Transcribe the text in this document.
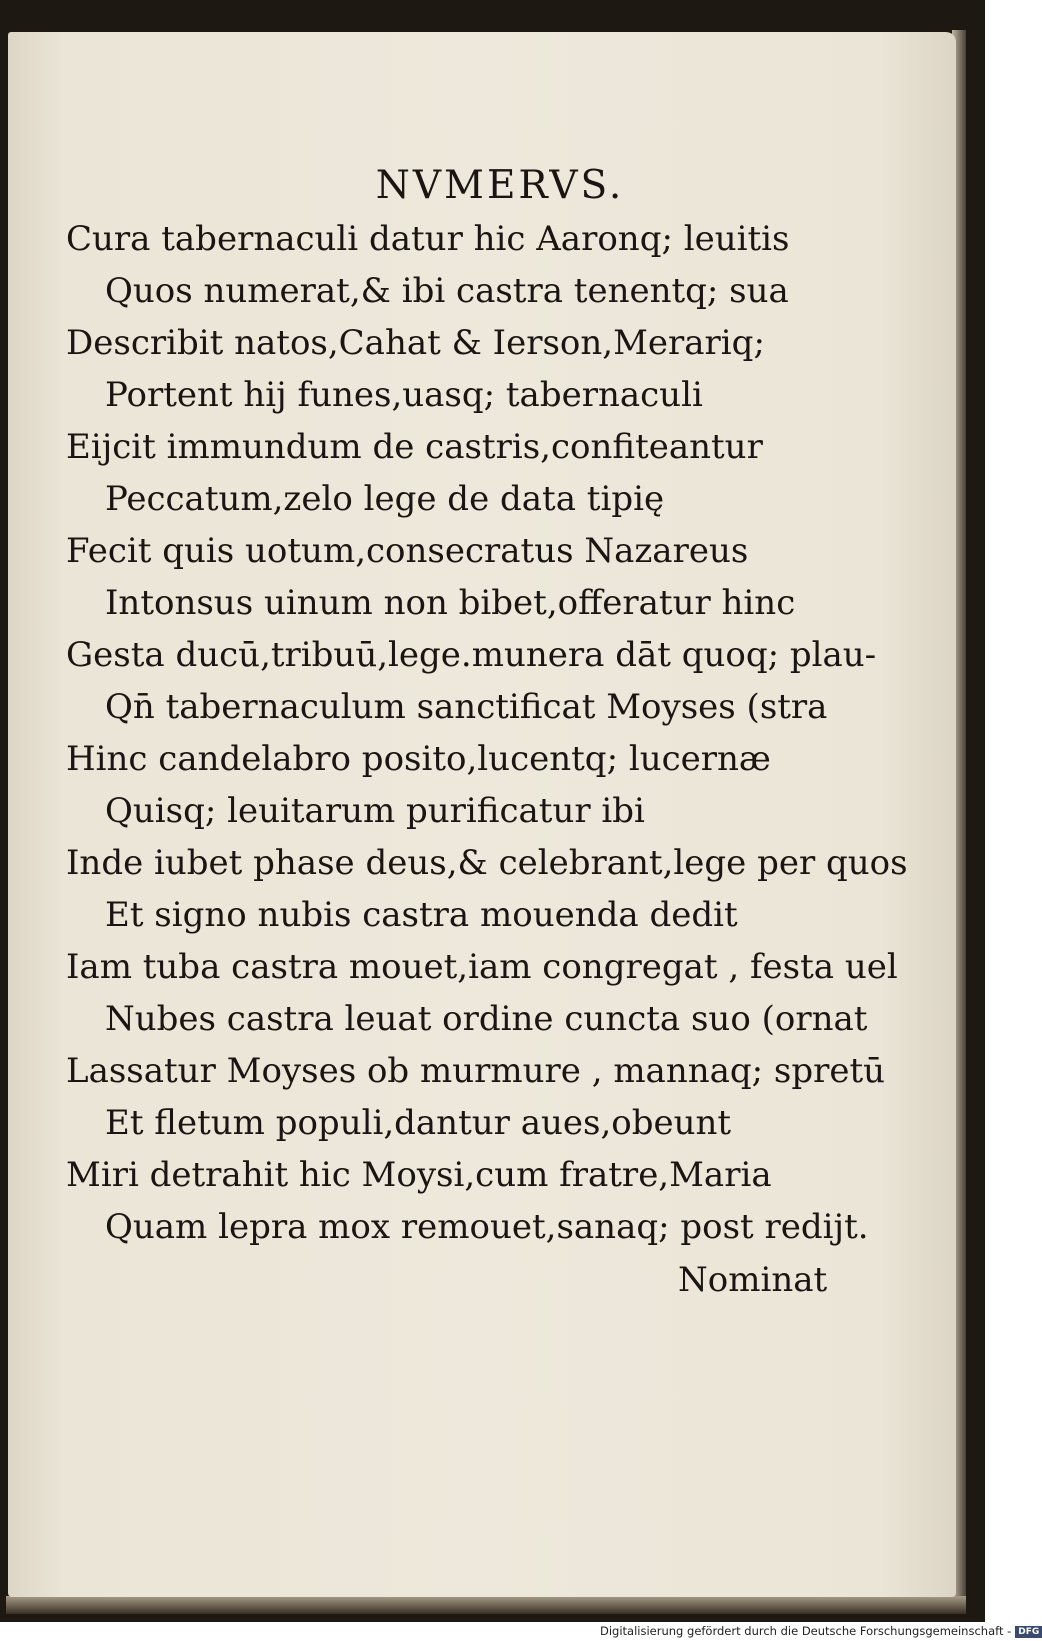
NVMERVS.
Cura tabernaculi datur hic Aaronq; leuitis
Quos numerat,& ibi castra tenentq; sua
Describit natos,Cahat & Ierson,Merariq;
Portent hij funes,uasq; tabernaculi
Eijcit immundum de castris,confiteantur
Peccatum,zelo lege de data tipię
Fecit quis uotum,consecratus Nazareus
Intonsus uinum non bibet,offeratur hinc
Gesta ducū,tribuū,lege.munera dāt quoq; plau-
Qn̄ tabernaculum sanctificat Moyses (stra
Hinc candelabro posito,lucentq; lucernæ
Quisq; leuitarum purificatur ibi
Inde iubet phase deus,& celebrant,lege per quos
Et signo nubis castra mouenda dedit
Iam tuba castra mouet,iam congregat , festa uel
Nubes castra leuat ordine cuncta suo (ornat
Lassatur Moyses ob murmure , mannaq; spretū
Et fletum populi,dantur aues,obeunt
Miri detrahit hic Moysi,cum fratre,Maria
Quam lepra mox remouet,sanaq; post redijt.
Nominat
Digitalisierung gefördert durch die Deutsche Forschungsgemeinschaft - DFG
